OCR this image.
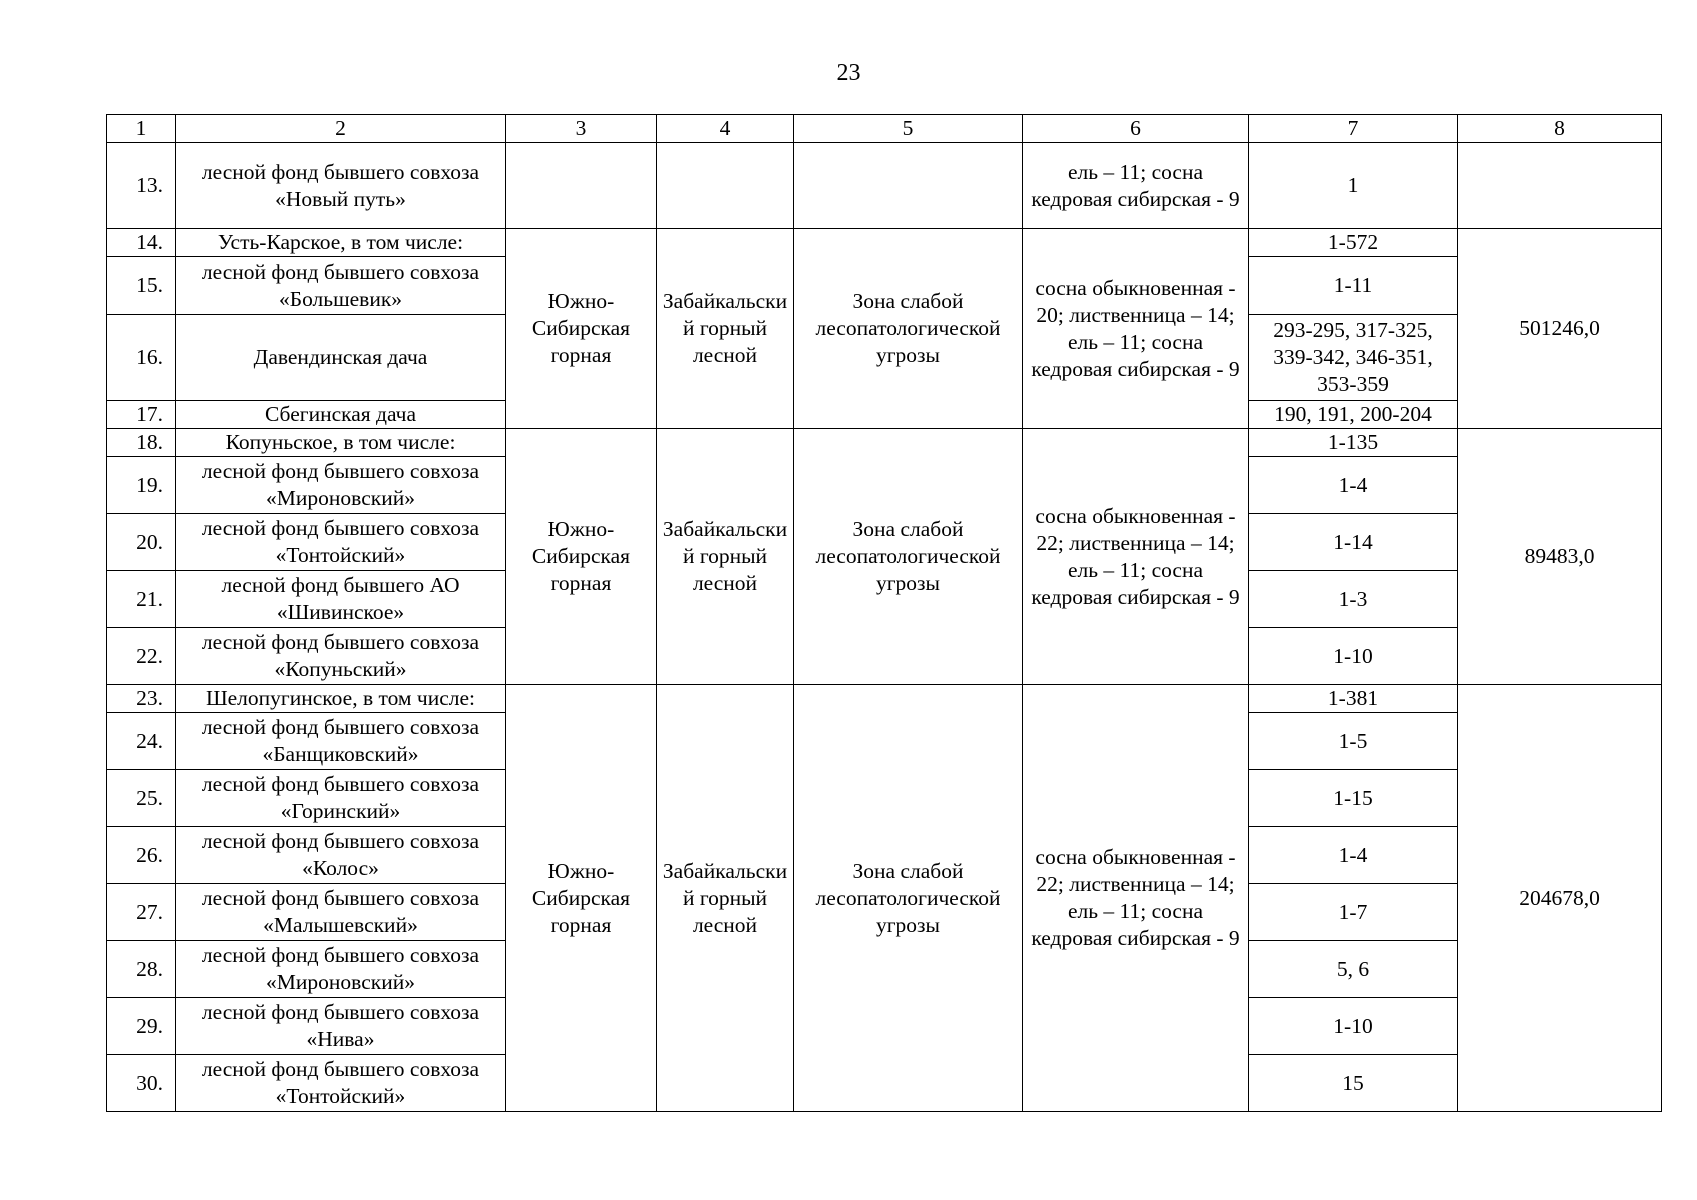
23
1	2	3	4	5	6	7	8
13.	лесной фонд бывшего совхоза «Новый путь»				ель – 11; сосна кедровая сибирская - 9	1	
14.	Усть-Карское, в том числе:	Южно-Сибирская горная	Забайкальский горный лесной	Зона слабой лесопатологической угрозы	сосна обыкновенная - 20; лиственница – 14; ель – 11; сосна кедровая сибирская - 9	1-572	501246,0
15.	лесной фонд бывшего совхоза «Большевик»					1-11	
16.	Давендинская дача					293-295, 317-325, 339-342, 346-351, 353-359	
17.	Сбегинская дача					190, 191, 200-204	
18.	Копуньское, в том числе:	Южно-Сибирская горная	Забайкальский горный лесной	Зона слабой лесопатологической угрозы	сосна обыкновенная - 22; лиственница – 14; ель – 11; сосна кедровая сибирская - 9	1-135	89483,0
19.	лесной фонд бывшего совхоза «Мироновский»					1-4	
20.	лесной фонд бывшего совхоза «Тонтойский»					1-14	
21.	лесной фонд бывшего АО «Шивинское»					1-3	
22.	лесной фонд бывшего совхоза «Копуньский»					1-10	
23.	Шелопугинское, в том числе:	Южно-Сибирская горная	Забайкальский горный лесной	Зона слабой лесопатологической угрозы	сосна обыкновенная - 22; лиственница – 14; ель – 11; сосна кедровая сибирская - 9	1-381	204678,0
24.	лесной фонд бывшего совхоза «Банщиковский»					1-5	
25.	лесной фонд бывшего совхоза «Горинский»					1-15	
26.	лесной фонд бывшего совхоза «Колос»					1-4	
27.	лесной фонд бывшего совхоза «Малышевский»					1-7	
28.	лесной фонд бывшего совхоза «Мироновский»					5, 6	
29.	лесной фонд бывшего совхоза «Нива»					1-10	
30.	лесной фонд бывшего совхоза «Тонтойский»					15	
